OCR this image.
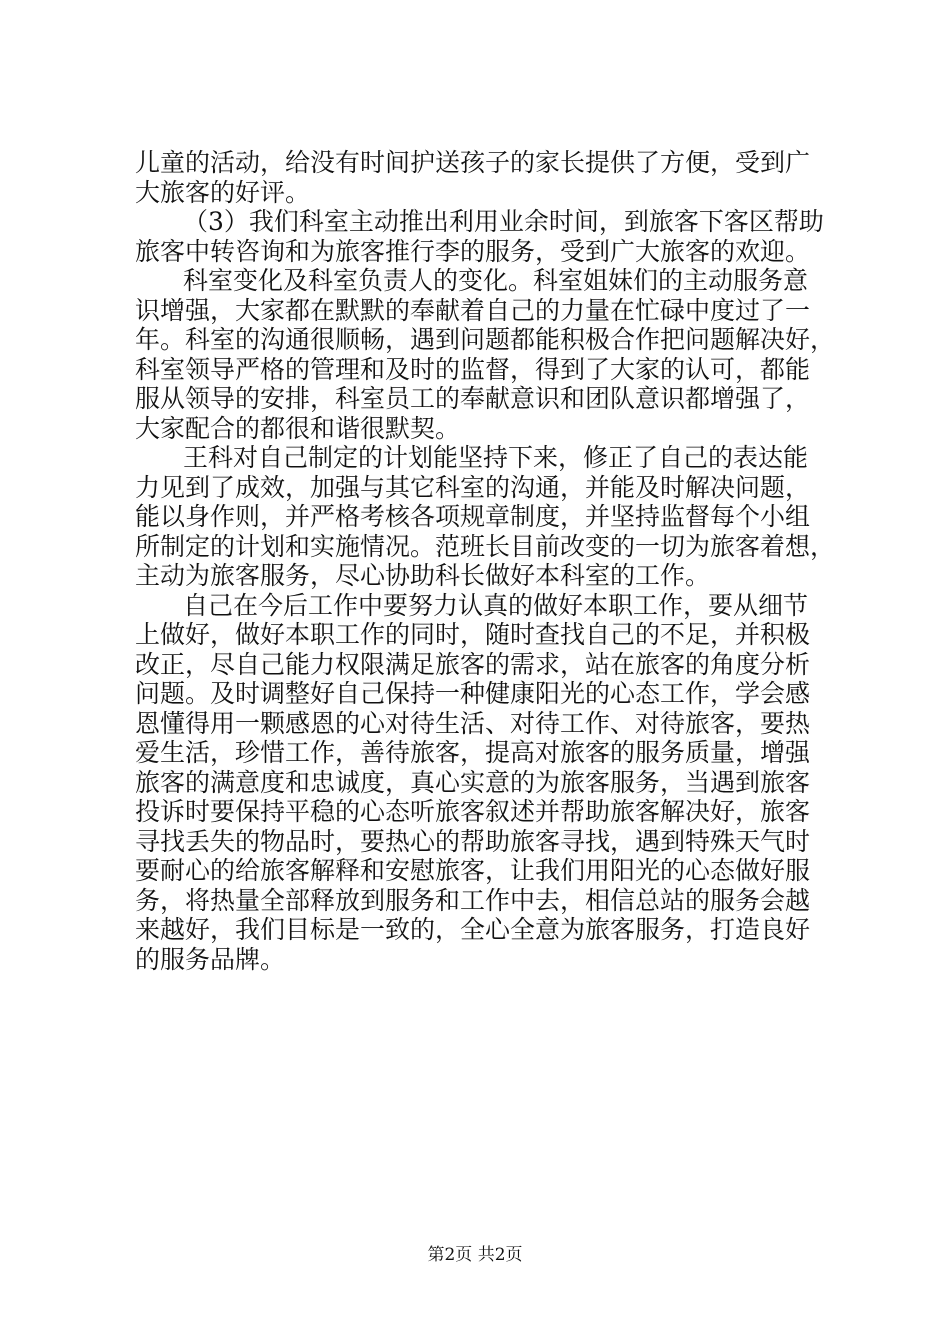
儿童的活动，给没有时间护送孩子的家长提供了方便，受到广
大旅客的好评。
（3）我们科室主动推出利用业余时间，到旅客下客区帮助
旅客中转咨询和为旅客推行李的服务，受到广大旅客的欢迎。
科室变化及科室负责人的变化。科室姐妹们的主动服务意
识增强，大家都在默默的奉献着自己的力量在忙碌中度过了一
年。科室的沟通很顺畅，遇到问题都能积极合作把问题解决好，
科室领导严格的管理和及时的监督，得到了大家的认可，都能
服从领导的安排，科室员工的奉献意识和团队意识都增强了，
大家配合的都很和谐很默契。
王科对自己制定的计划能坚持下来，修正了自己的表达能
力见到了成效，加强与其它科室的沟通，并能及时解决问题，
能以身作则，并严格考核各项规章制度，并坚持监督每个小组
所制定的计划和实施情况。范班长目前改变的一切为旅客着想，
主动为旅客服务，尽心协助科长做好本科室的工作。
自己在今后工作中要努力认真的做好本职工作，要从细节
上做好，做好本职工作的同时，随时查找自己的不足，并积极
改正，尽自己能力权限满足旅客的需求，站在旅客的角度分析
问题。及时调整好自己保持一种健康阳光的心态工作，学会感
恩懂得用一颗感恩的心对待生活、对待工作、对待旅客，要热
爱生活，珍惜工作，善待旅客，提高对旅客的服务质量，增强
旅客的满意度和忠诚度，真心实意的为旅客服务，当遇到旅客
投诉时要保持平稳的心态听旅客叙述并帮助旅客解决好，旅客
寻找丢失的物品时，要热心的帮助旅客寻找，遇到特殊天气时
要耐心的给旅客解释和安慰旅客，让我们用阳光的心态做好服
务，将热量全部释放到服务和工作中去，相信总站的服务会越
来越好，我们目标是一致的，全心全意为旅客服务，打造良好
的服务品牌。
第2页 共2页
